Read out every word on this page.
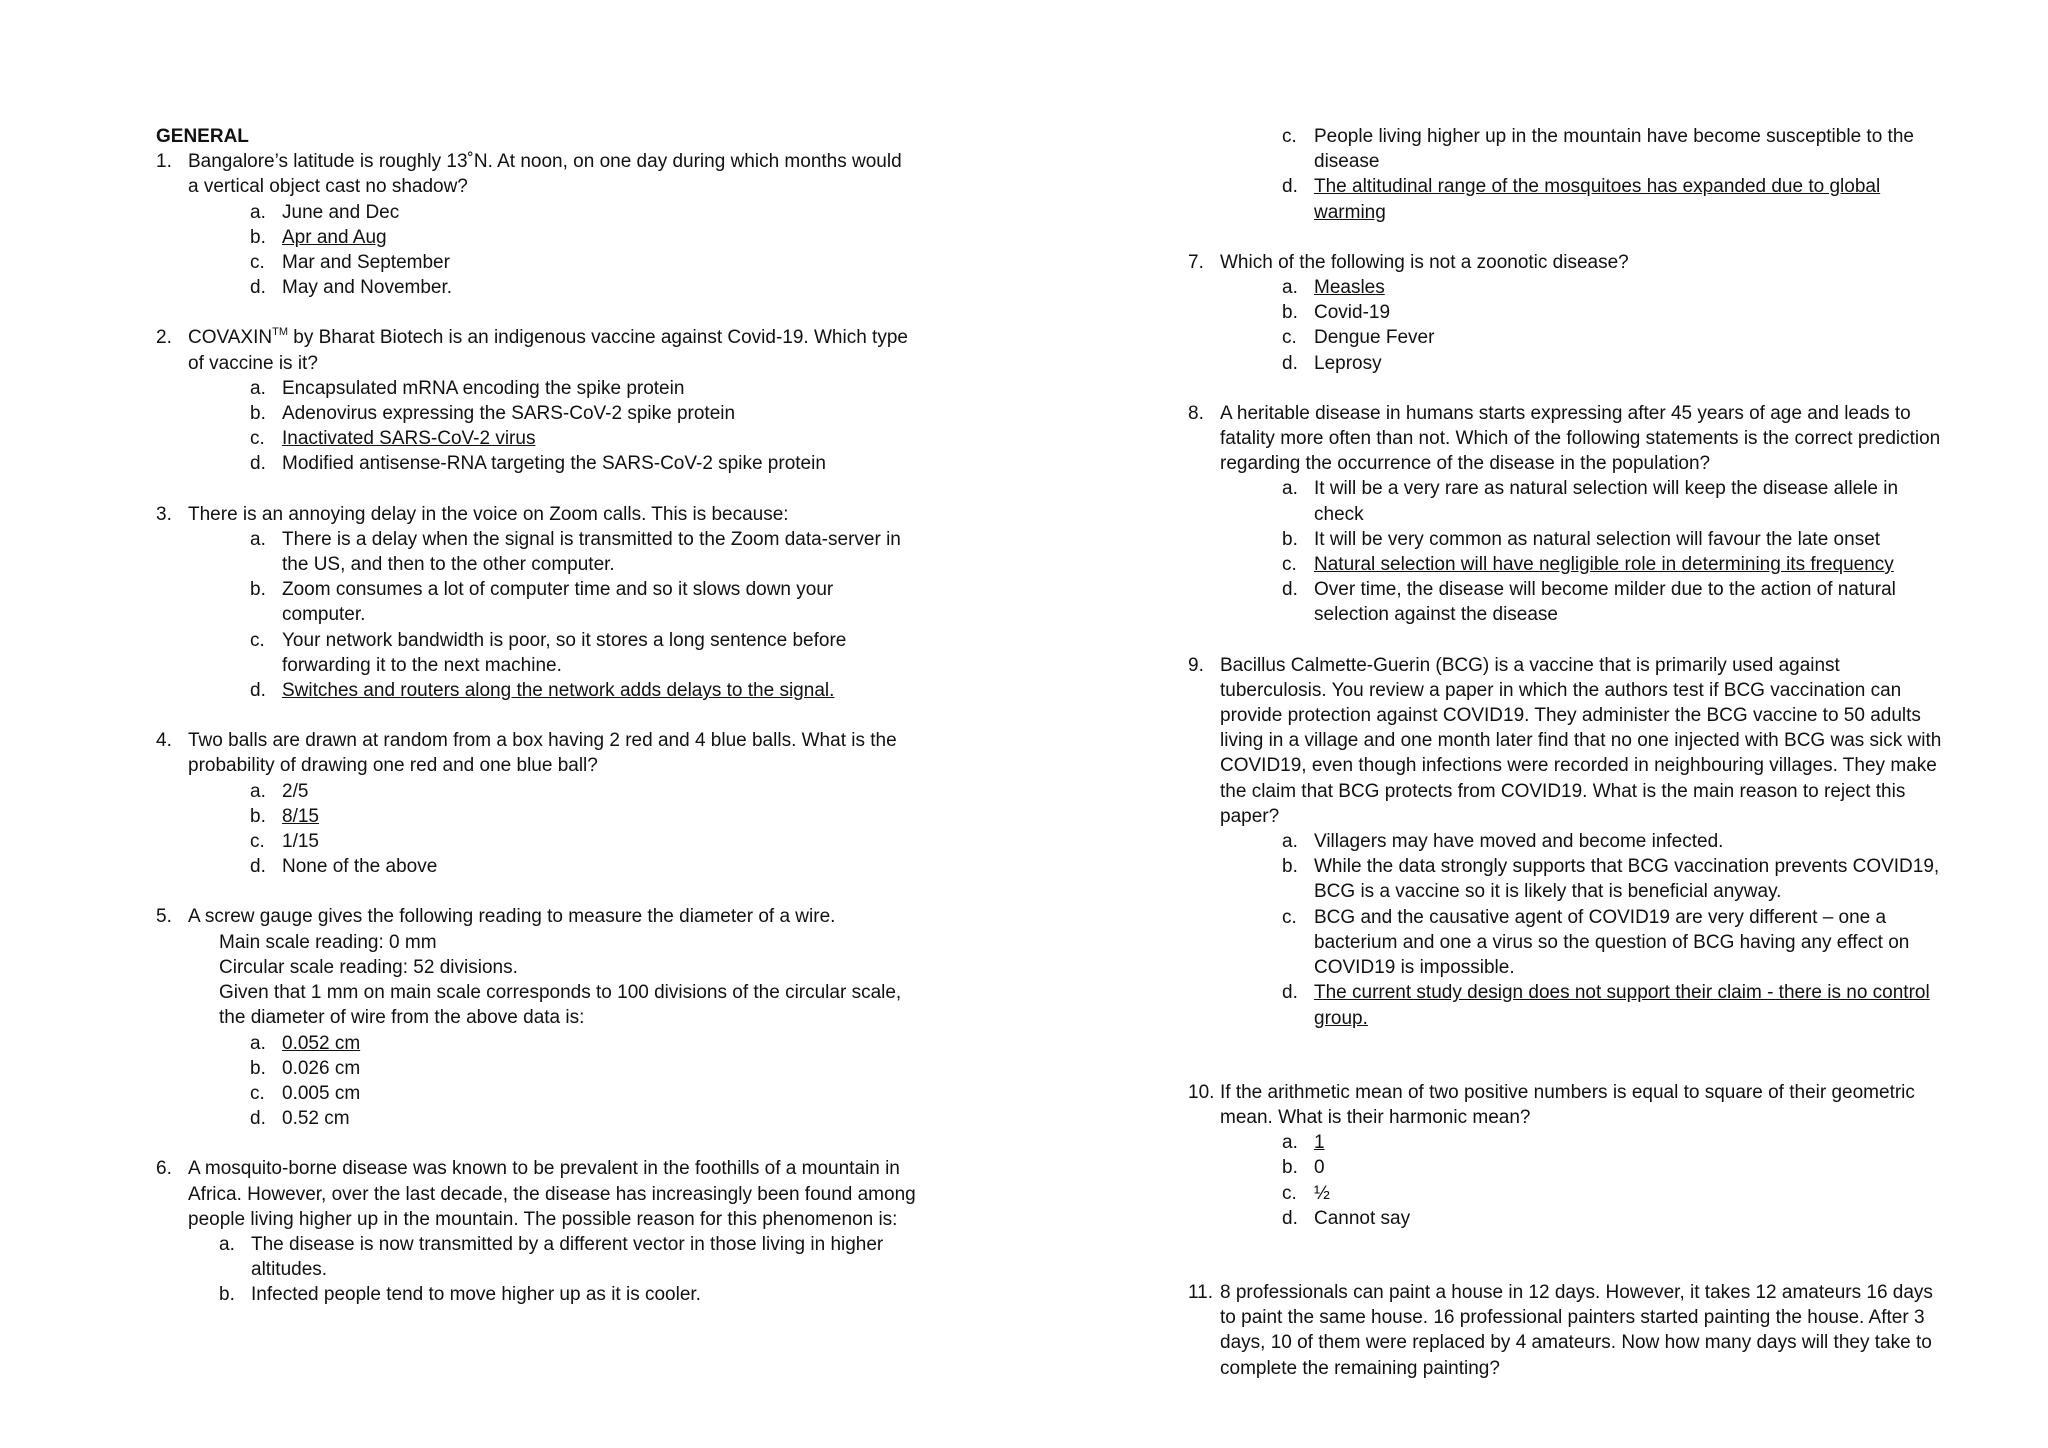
GENERAL

1. Bangalore’s latitude is roughly 13˚N. At noon, on one day during which months would a vertical object cast no shadow?
a. June and Dec
b. Apr and Aug
c. Mar and September
d. May and November.
2. COVAXIN™ by Bharat Biotech is an indigenous vaccine against Covid-19. Which type of vaccine is it?
a. Encapsulated mRNA encoding the spike protein
b. Adenovirus expressing the SARS-CoV-2 spike protein
c. Inactivated SARS-CoV-2 virus
d. Modified antisense-RNA targeting the SARS-CoV-2 spike protein
3. There is an annoying delay in the voice on Zoom calls. This is because:
a. There is a delay when the signal is transmitted to the Zoom data-server in the US, and then to the other computer.
b. Zoom consumes a lot of computer time and so it slows down your computer.
c. Your network bandwidth is poor, so it stores a long sentence before forwarding it to the next machine.
d. Switches and routers along the network adds delays to the signal.
4. Two balls are drawn at random from a box having 2 red and 4 blue balls. What is the probability of drawing one red and one blue ball?
a. 2/5
b. 8/15
c. 1/15
d. None of the above
5. A screw gauge gives the following reading to measure the diameter of a wire.
Main scale reading: 0 mm
Circular scale reading: 52 divisions.
Given that 1 mm on main scale corresponds to 100 divisions of the circular scale, the diameter of wire from the above data is:
a. 0.052 cm
b. 0.026 cm
c. 0.005 cm
d. 0.52 cm
6. A mosquito-borne disease was known to be prevalent in the foothills of a mountain in Africa. However, over the last decade, the disease has increasingly been found among people living higher up in the mountain. The possible reason for this phenomenon is:
a. The disease is now transmitted by a different vector in those living in higher altitudes.
b. Infected people tend to move higher up as it is cooler.
c. People living higher up in the mountain have become susceptible to the disease
d. The altitudinal range of the mosquitoes has expanded due to global warming
7. Which of the following is not a zoonotic disease?
a. Measles
b. Covid-19
c. Dengue Fever
d. Leprosy
8. A heritable disease in humans starts expressing after 45 years of age and leads to fatality more often than not. Which of the following statements is the correct prediction regarding the occurrence of the disease in the population?
a. It will be a very rare as natural selection will keep the disease allele in check
b. It will be very common as natural selection will favour the late onset
c. Natural selection will have negligible role in determining its frequency
d. Over time, the disease will become milder due to the action of natural selection against the disease
9. Bacillus Calmette-Guerin (BCG) is a vaccine that is primarily used against tuberculosis. You review a paper in which the authors test if BCG vaccination can provide protection against COVID19. They administer the BCG vaccine to 50 adults living in a village and one month later find that no one injected with BCG was sick with COVID19, even though infections were recorded in neighbouring villages. They make the claim that BCG protects from COVID19. What is the main reason to reject this paper?
a. Villagers may have moved and become infected.
b. While the data strongly supports that BCG vaccination prevents COVID19, BCG is a vaccine so it is likely that is beneficial anyway.
c. BCG and the causative agent of COVID19 are very different – one a bacterium and one a virus so the question of BCG having any effect on COVID19 is impossible.
d. The current study design does not support their claim - there is no control group.
10. If the arithmetic mean of two positive numbers is equal to square of their geometric mean. What is their harmonic mean?
a. 1
b. 0
c. ½
d. Cannot say
11. 8 professionals can paint a house in 12 days. However, it takes 12 amateurs 16 days to paint the same house. 16 professional painters started painting the house. After 3 days, 10 of them were replaced by 4 amateurs. Now how many days will they take to complete the remaining painting?
